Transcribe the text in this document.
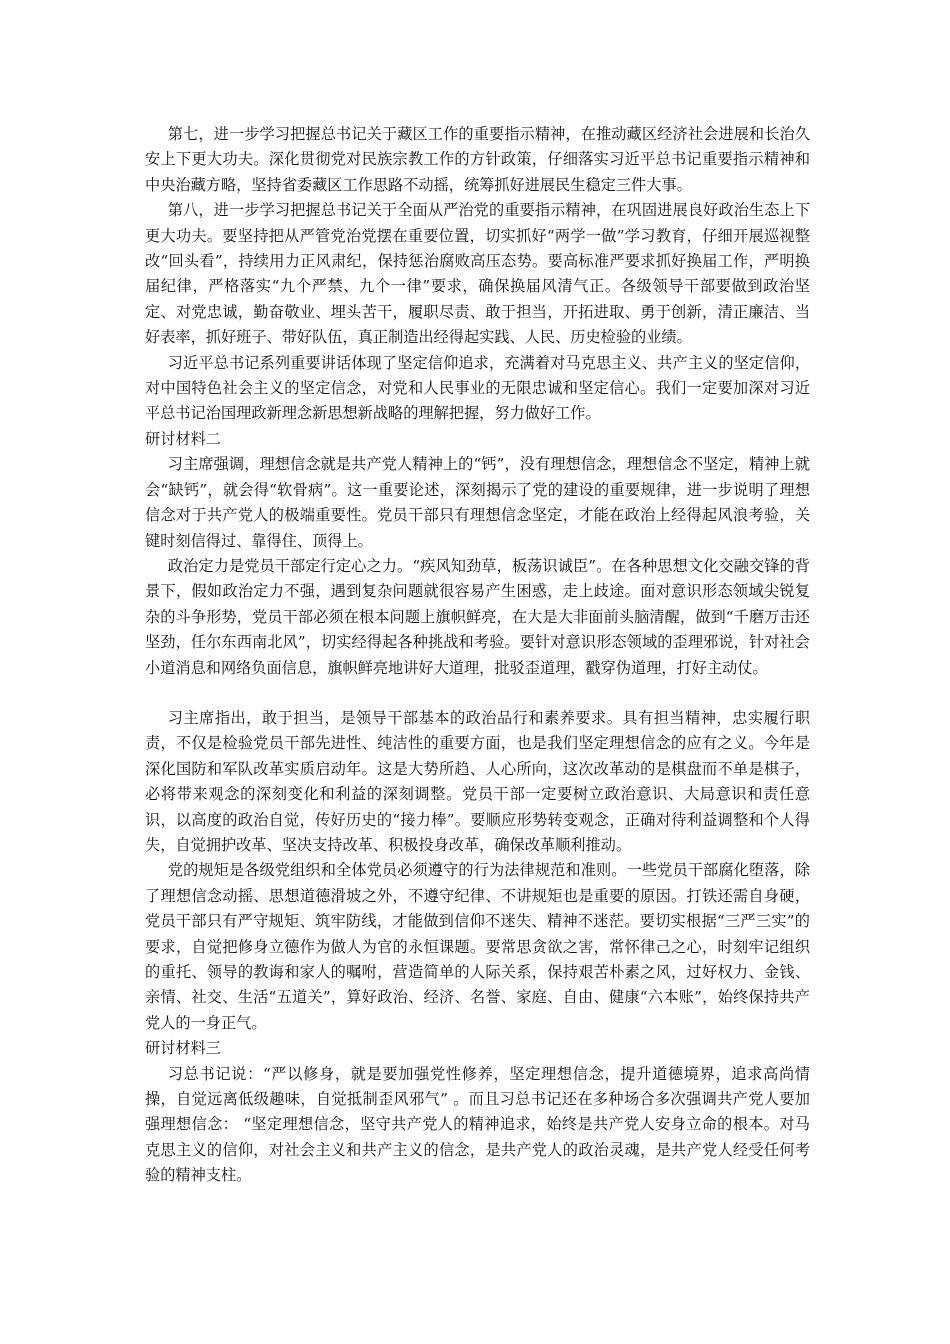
第七，进一步学习把握总书记关于藏区工作的重要指示精神，在推动藏区经济社会进展和长治久安上下更大功夫。深化贯彻党对民族宗教工作的方针政策，仔细落实习近平总书记重要指示精神和中央治藏方略，坚持省委藏区工作思路不动摇，统筹抓好进展民生稳定三件大事。

第八，进一步学习把握总书记关于全面从严治党的重要指示精神，在巩固进展良好政治生态上下更大功夫。要坚持把从严管党治党摆在重要位置，切实抓好“两学一做”学习教育，仔细开展巡视整改“回头看”，持续用力正风肃纪，保持惩治腐败高压态势。要高标准严要求抓好换届工作，严明换届纪律，严格落实“九个严禁、九个一律”要求，确保换届风清气正。各级领导干部要做到政治坚定、对党忠诚，勤奋敬业、埋头苦干，履职尽责、敢于担当，开拓进取、勇于创新，清正廉洁、当好表率，抓好班子、带好队伍，真正制造出经得起实践、人民、历史检验的业绩。

习近平总书记系列重要讲话体现了坚定信仰追求，充满着对马克思主义、共产主义的坚定信仰，对中国特色社会主义的坚定信念，对党和人民事业的无限忠诚和坚定信心。我们一定要加深对习近平总书记治国理政新理念新思想新战略的理解把握，努力做好工作。

研讨材料二

习主席强调，理想信念就是共产党人精神上的“钙”，没有理想信念，理想信念不坚定，精神上就会“缺钙”，就会得“软骨病”。这一重要论述，深刻揭示了党的建设的重要规律，进一步说明了理想信念对于共产党人的极端重要性。党员干部只有理想信念坚定，才能在政治上经得起风浪考验，关键时刻信得过、靠得住、顶得上。

政治定力是党员干部定行定心之力。“疾风知劲草，板荡识诚臣”。在各种思想文化交融交锋的背景下，假如政治定力不强，遇到复杂问题就很容易产生困惑，走上歧途。面对意识形态领域尖锐复杂的斗争形势，党员干部必须在根本问题上旗帜鲜亮，在大是大非面前头脑清醒，做到“千磨万击还坚劲，任尔东西南北风”，切实经得起各种挑战和考验。要针对意识形态领域的歪理邪说，针对社会小道消息和网络负面信息，旗帜鲜亮地讲好大道理，批驳歪道理，戳穿伪道理，打好主动仗。

习主席指出，敢于担当，是领导干部基本的政治品行和素养要求。具有担当精神，忠实履行职责，不仅是检验党员干部先进性、纯洁性的重要方面，也是我们坚定理想信念的应有之义。今年是深化国防和军队改革实质启动年。这是大势所趋、人心所向，这次改革动的是棋盘而不单是棋子，必将带来观念的深刻变化和利益的深刻调整。党员干部一定要树立政治意识、大局意识和责任意识，以高度的政治自觉，传好历史的“接力棒”。要顺应形势转变观念，正确对待利益调整和个人得失，自觉拥护改革、坚决支持改革、积极投身改革，确保改革顺利推动。

党的规矩是各级党组织和全体党员必须遵守的行为法律规范和准则。一些党员干部腐化堕落，除了理想信念动摇、思想道德滑坡之外，不遵守纪律、不讲规矩也是重要的原因。打铁还需自身硬，党员干部只有严守规矩、筑牢防线，才能做到信仰不迷失、精神不迷茫。要切实根据“三严三实”的要求，自觉把修身立德作为做人为官的永恒课题。要常思贪欲之害，常怀律己之心，时刻牢记组织的重托、领导的教诲和家人的嘱咐，营造简单的人际关系，保持艰苦朴素之风，过好权力、金钱、亲情、社交、生活“五道关”，算好政治、经济、名誉、家庭、自由、健康“六本账”，始终保持共产党人的一身正气。

研讨材料三

习总书记说：“严以修身，就是要加强党性修养，坚定理想信念，提升道德境界，追求高尚情操，自觉远离低级趣味，自觉抵制歪风邪气” 。而且习总书记还在多种场合多次强调共产党人要加强理想信念： “坚定理想信念，坚守共产党人的精神追求，始终是共产党人安身立命的根本。对马克思主义的信仰，对社会主义和共产主义的信念，是共产党人的政治灵魂，是共产党人经受任何考验的精神支柱。
